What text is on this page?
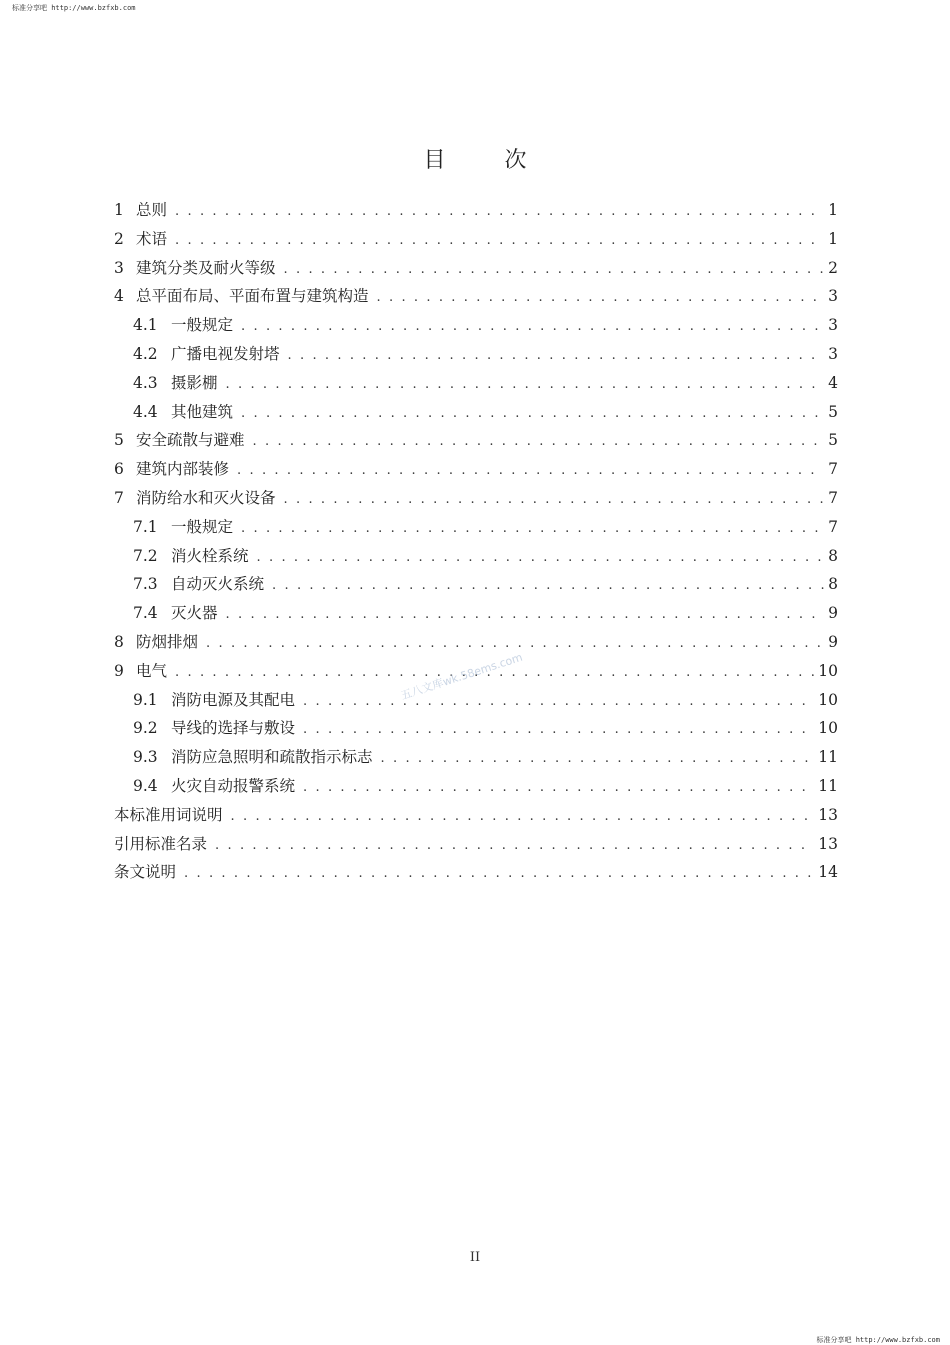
标准分享吧 http://www.bzfxb.com
目 次
1 总则 . . .	1
2 术语 . . .	1
3 建筑分类及耐火等级 . . .	2
4 总平面布局、平面布置与建筑构造 . . .	3
4.1 一般规定 . . .	3
4.2 广播电视发射塔 . . .	3
4.3 摄影棚 . . .	4
4.4 其他建筑 . . .	5
5 安全疏散与避难 . . .	5
6 建筑内部装修 . . .	7
7 消防给水和灭火设备 . . .	7
7.1 一般规定 . . .	7
7.2 消火栓系统 . . .	8
7.3 自动灭火系统 . . .	8
7.4 灭火器 . . .	9
8 防烟排烟 . . .	9
9 电气 . . .	10
9.1 消防电源及其配电 . . .	10
9.2 导线的选择与敷设 . . .	10
9.3 消防应急照明和疏散指示标志 . . .	11
9.4 火灾自动报警系统 . . .	11
本标准用词说明 . . .	13
引用标准名录 . . .	13
条文说明 . . .	14
五八文库wk.58ems.com
II
标准分享吧 http://www.bzfxb.com
